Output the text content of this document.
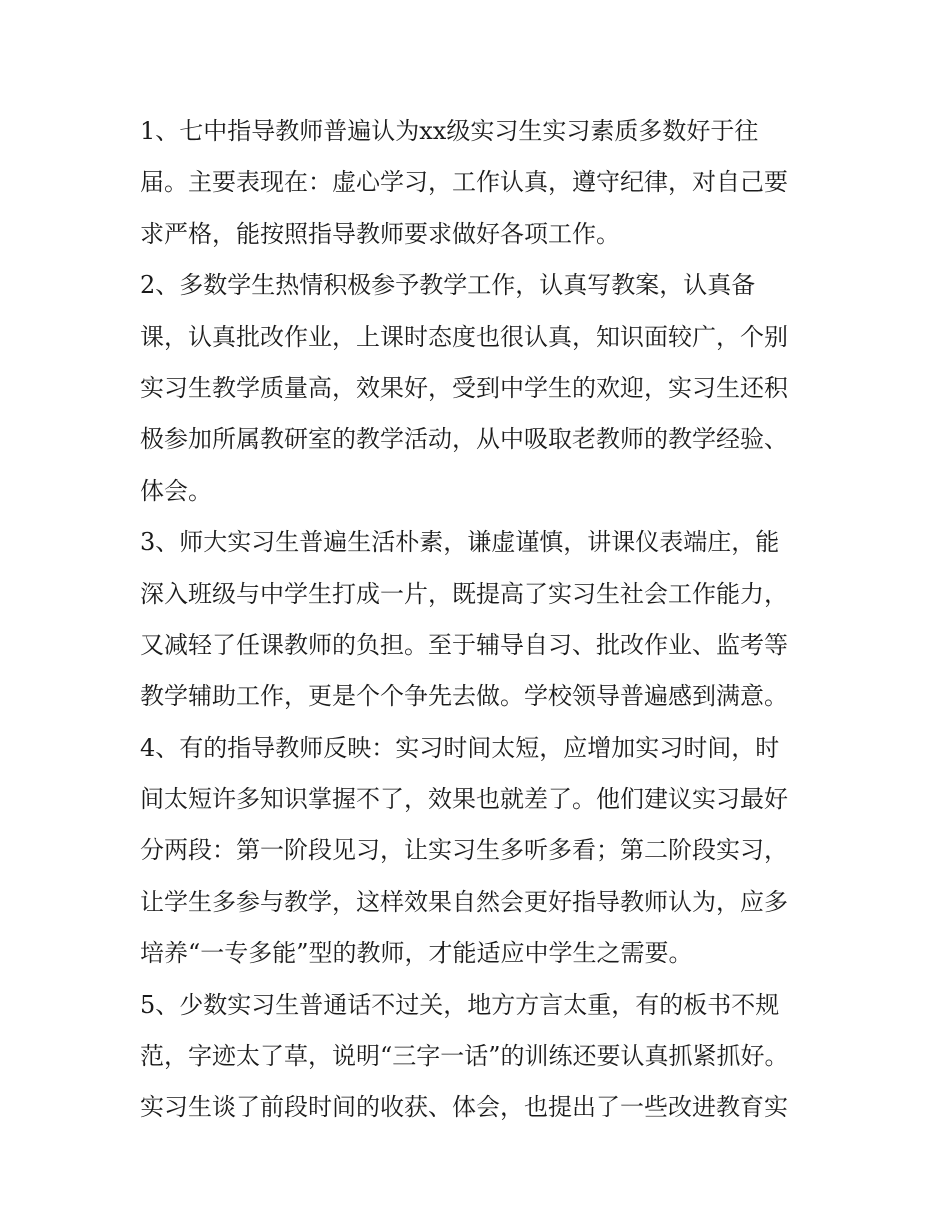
1、七中指导教师普遍认为xx级实习生实习素质多数好于往
届。主要表现在：虚心学习，工作认真，遵守纪律，对自己要
求严格，能按照指导教师要求做好各项工作。
2、多数学生热情积极参予教学工作，认真写教案，认真备
课，认真批改作业，上课时态度也很认真，知识面较广，个别
实习生教学质量高，效果好，受到中学生的欢迎，实习生还积
极参加所属教研室的教学活动，从中吸取老教师的教学经验、
体会。
3、师大实习生普遍生活朴素，谦虚谨慎，讲课仪表端庄，能
深入班级与中学生打成一片，既提高了实习生社会工作能力，
又减轻了任课教师的负担。至于辅导自习、批改作业、监考等
教学辅助工作，更是个个争先去做。学校领导普遍感到满意。
4、有的指导教师反映：实习时间太短，应增加实习时间，时
间太短许多知识掌握不了，效果也就差了。他们建议实习最好
分两段：第一阶段见习，让实习生多听多看；第二阶段实习，
让学生多参与教学，这样效果自然会更好指导教师认为，应多
培养“一专多能”型的教师，才能适应中学生之需要。
5、少数实习生普通话不过关，地方方言太重，有的板书不规
范，字迹太了草，说明“三字一话”的训练还要认真抓紧抓好。
实习生谈了前段时间的收获、体会，也提出了一些改进教育实
